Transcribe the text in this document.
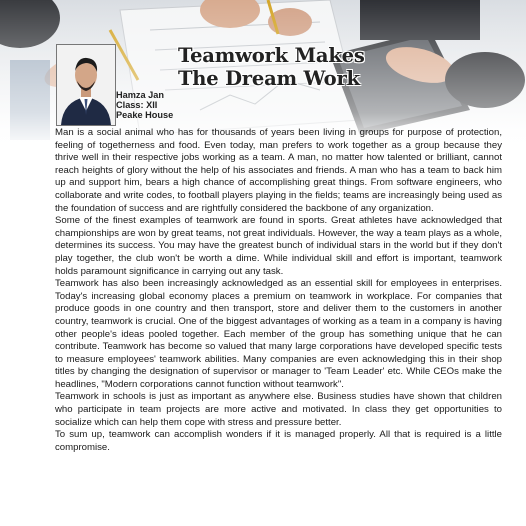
Hamza Jan
Class: XII
Peake House
Teamwork Makes
The Dream Work

Man is a social animal who has for thousands of years been living in groups for purpose of protection, feeling of togetherness and food. Even today, man prefers to work together as a group because they thrive well in their respective jobs working as a team. A man, no matter how talented or brilliant, cannot reach heights of glory without the help of his associates and friends. A man who has a team to back him up and support him, bears a high chance of accomplishing great things. From software engineers, who collaborate and write codes, to football players playing in the fields; teams are increasingly being used as the foundation of success and are rightfully considered the backbone of any organization.

Some of the finest examples of teamwork are found in sports. Great athletes have acknowledged that championships are won by great teams, not great individuals. However, the way a team plays as a whole, determines its success. You may have the greatest bunch of individual stars in the world but if they don't play together, the club won't be worth a dime. While individual skill and effort is important, teamwork holds paramount significance in carrying out any task.

Teamwork has also been increasingly acknowledged as an essential skill for employees in enterprises. Today's increasing global economy places a premium on teamwork in workplace. For companies that produce goods in one country and then transport, store and deliver them to the customers in another country, teamwork is crucial. One of the biggest advantages of working as a team in a company is having other people's ideas pooled together. Each member of the group has something unique that he can contribute. Teamwork has become so valued that many large corporations have developed specific tests to measure employees' teamwork abilities. Many companies are even acknowledging this in their shop titles by changing the designation of supervisor or manager to 'Team Leader' etc. While CEOs make the headlines, "Modern corporations cannot function without teamwork".

Teamwork in schools is just as important as anywhere else. Business studies have shown that children who participate in team projects are more active and motivated. In class they get opportunities to socialize which can help them cope with stress and pressure better.

To sum up, teamwork can accomplish wonders if it is managed properly. All that is required is a little compromise.
